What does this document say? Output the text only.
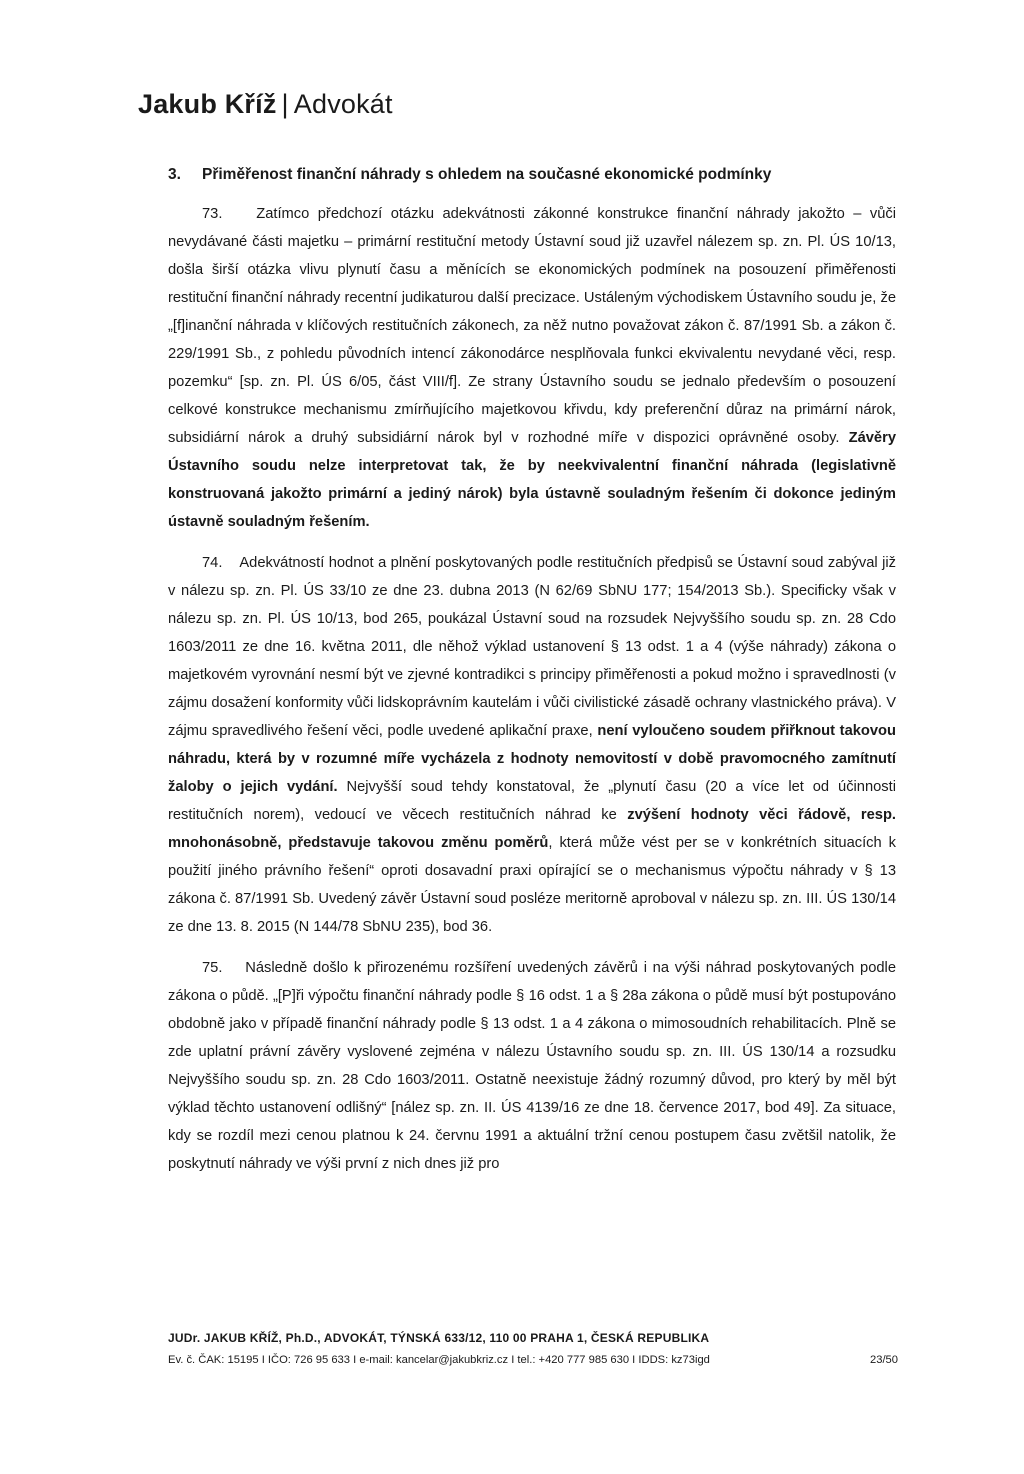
Jakub Kříž | Advokát

3. Přiměřenost finanční náhrady s ohledem na současné ekonomické podmínky

73. Zatímco předchozí otázku adekvátnosti zákonné konstrukce finanční náhrady jakožto – vůči nevydávané části majetku – primární restituční metody Ústavní soud již uzavřel nálezem sp. zn. Pl. ÚS 10/13, došla širší otázka vlivu plynutí času a měnících se ekonomických podmínek na posouzení přiměřenosti restituční finanční náhrady recentní judikaturou další precizace. Ustáleným východiskem Ústavního soudu je, že „[f]inanční náhrada v klíčových restitučních zákonech, za něž nutno považovat zákon č. 87/1991 Sb. a zákon č. 229/1991 Sb., z pohledu původních intencí zákonodárce nesplňovala funkci ekvivalentu nevydané věci, resp. pozemku“ [sp. zn. Pl. ÚS 6/05, část VIII/f]. Ze strany Ústavního soudu se jednalo především o posouzení celkové konstrukce mechanismu zmírňujícího majetkovou křivdu, kdy preferenční důraz na primární nárok, subsidiární nárok a druhý subsidiární nárok byl v rozhodné míře v dispozici oprávněné osoby. Závěry Ústavního soudu nelze interpretovat tak, že by neekvivalentní finanční náhrada (legislativně konstruovaná jakožto primární a jediný nárok) byla ústavně souladným řešením či dokonce jediným ústavně souladným řešením.

74. Adekvátností hodnot a plnění poskytovaných podle restitučních předpisů se Ústavní soud zabýval již v nálezu sp. zn. Pl. ÚS 33/10 ze dne 23. dubna 2013 (N 62/69 SbNU 177; 154/2013 Sb.). Specificky však v nálezu sp. zn. Pl. ÚS 10/13, bod 265, poukázal Ústavní soud na rozsudek Nejvyššího soudu sp. zn. 28 Cdo 1603/2011 ze dne 16. května 2011, dle něhož výklad ustanovení § 13 odst. 1 a 4 (výše náhrady) zákona o majetkovém vyrovnání nesmí být ve zjevné kontradikci s principy přiměřenosti a pokud možno i spravedlnosti (v zájmu dosažení konformity vůči lidskoprávním kautelám i vůči civilistické zásadě ochrany vlastnického práva). V zájmu spravedlivého řešení věci, podle uvedené aplikační praxe, není vyloučeno soudem přiřknout takovou náhradu, která by v rozumné míře vycházela z hodnoty nemovitostí v době pravomocného zamítnutí žaloby o jejich vydání. Nejvyšší soud tehdy konstatoval, že „plynutí času (20 a více let od účinnosti restitučních norem), vedoucí ve věcech restitučních náhrad ke zvýšení hodnoty věci řádově, resp. mnohonásobně, představuje takovou změnu poměrů, která může vést per se v konkrétních situacích k použití jiného právního řešení“ oproti dosavadní praxi opírající se o mechanismus výpočtu náhrady v § 13 zákona č. 87/1991 Sb. Uvedený závěr Ústavní soud posléze meritorně aproboval v nálezu sp. zn. III. ÚS 130/14 ze dne 13. 8. 2015 (N 144/78 SbNU 235), bod 36.

75. Následně došlo k přirozenému rozšíření uvedených závěrů i na výši náhrad poskytovaných podle zákona o půdě. „[P]ři výpočtu finanční náhrady podle § 16 odst. 1 a § 28a zákona o půdě musí být postupováno obdobně jako v případě finanční náhrady podle § 13 odst. 1 a 4 zákona o mimosoudních rehabilitacích. Plně se zde uplatní právní závěry vyslovené zejména v nálezu Ústavního soudu sp. zn. III. ÚS 130/14 a rozsudku Nejvyššího soudu sp. zn. 28 Cdo 1603/2011. Ostatně neexistuje žádný rozumný důvod, pro který by měl být výklad těchto ustanovení odlišný“ [nález sp. zn. II. ÚS 4139/16 ze dne 18. července 2017, bod 49]. Za situace, kdy se rozdíl mezi cenou platnou k 24. červnu 1991 a aktuální tržní cenou postupem času zvětšil natolik, že poskytnutí náhrady ve výši první z nich dnes již pro

JUDr. JAKUB KŘÍŽ, Ph.D., ADVOKÁT, TÝNSKÁ 633/12, 110 00 PRAHA 1, ČESKÁ REPUBLIKA
Ev. č. ČAK: 15195 I IČO: 726 95 633 I e-mail: kancelar@jakubkriz.cz I tel.: +420 777 985 630 I IDDS: kz73igd	23/50
